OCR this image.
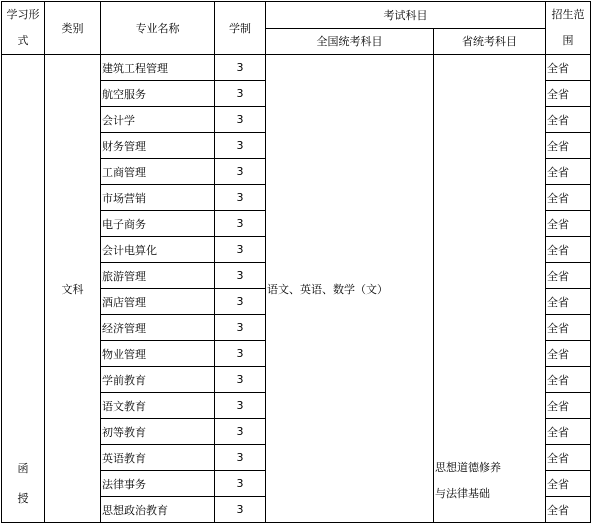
学习形
式	类别	专业名称	学制	考试科目		招生范
围
				全国统考科目	省统考科目	

函
授	文科	建筑工程管理	3	语文、英语、数学（文）	思想道德修养
与法律基础	全省
		航空服务	3			全省
		会计学	3			全省
		财务管理	3			全省
		工商管理	3			全省
		市场营销	3			全省
		电子商务	3			全省
		会计电算化	3			全省
		旅游管理	3			全省
		酒店管理	3			全省
		经济管理	3			全省
		物业管理	3			全省
		学前教育	3			全省
		语文教育	3			全省
		初等教育	3			全省
		英语教育	3			全省
		法律事务	3			全省
		思想政治教育	3			全省
